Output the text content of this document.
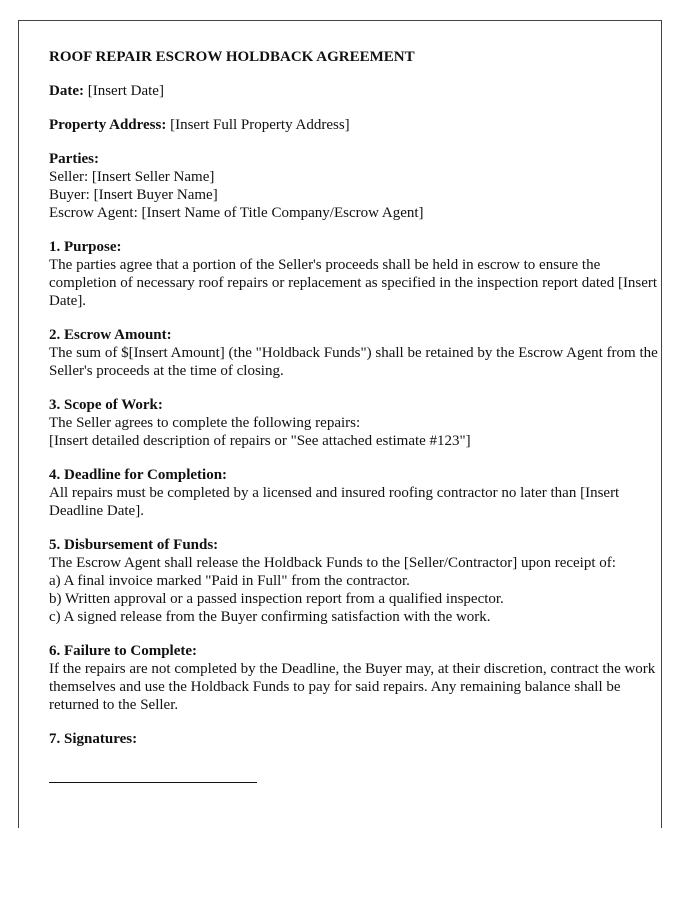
ROOF REPAIR ESCROW HOLDBACK AGREEMENT

Date: [Insert Date]

Property Address: [Insert Full Property Address]

Parties:
Seller: [Insert Seller Name]
Buyer: [Insert Buyer Name]
Escrow Agent: [Insert Name of Title Company/Escrow Agent]

1. Purpose:
The parties agree that a portion of the Seller's proceeds shall be held in escrow to ensure the completion of necessary roof repairs or replacement as specified in the inspection report dated [Insert Date].

2. Escrow Amount:
The sum of $[Insert Amount] (the "Holdback Funds") shall be retained by the Escrow Agent from the Seller's proceeds at the time of closing.

3. Scope of Work:
The Seller agrees to complete the following repairs:
[Insert detailed description of repairs or "See attached estimate #123"]

4. Deadline for Completion:
All repairs must be completed by a licensed and insured roofing contractor no later than [Insert Deadline Date].

5. Disbursement of Funds:
The Escrow Agent shall release the Holdback Funds to the [Seller/Contractor] upon receipt of:
a) A final invoice marked "Paid in Full" from the contractor.
b) Written approval or a passed inspection report from a qualified inspector.
c) A signed release from the Buyer confirming satisfaction with the work.

6. Failure to Complete:
If the repairs are not completed by the Deadline, the Buyer may, at their discretion, contract the work themselves and use the Holdback Funds to pay for said repairs. Any remaining balance shall be returned to the Seller.

7. Signatures:
